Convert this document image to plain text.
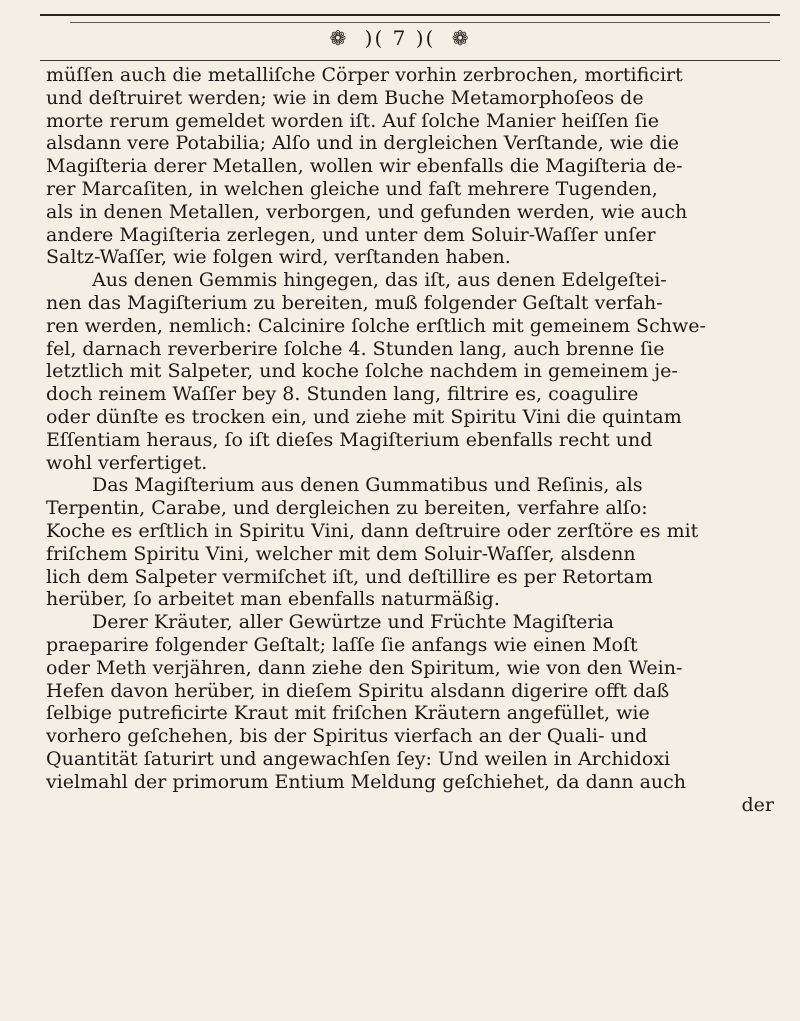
❁ )( 7 )( ❁
müſſen auch die metalliſche Cörper vorhin zerbrochen, mortificirt
und deſtruiret werden; wie in dem Buche Metamorphoſeos de
morte rerum gemeldet worden iſt. Auf ſolche Manier heiſſen ſie
alsdann vere Potabilia; Alſo und in dergleichen Verſtande, wie die
Magiſteria derer Metallen, wollen wir ebenfalls die Magiſteria de-
rer Marcaſiten, in welchen gleiche und faſt mehrere Tugenden,
als in denen Metallen, verborgen, und gefunden werden, wie auch
andere Magiſteria zerlegen, und unter dem Soluir-Waſſer unſer
Saltz-Waſſer, wie folgen wird, verſtanden haben.
Aus denen Gemmis hingegen, das iſt, aus denen Edelgeſtei-
nen das Magiſterium zu bereiten, muß folgender Geſtalt verfah-
ren werden, nemlich: Calcinire ſolche erſtlich mit gemeinem Schwe-
fel, darnach reverberire ſolche 4. Stunden lang, auch brenne ſie
letztlich mit Salpeter, und koche ſolche nachdem in gemeinem je-
doch reinem Waſſer bey 8. Stunden lang, filtrire es, coagulire
oder dünſte es trocken ein, und ziehe mit Spiritu Vini die quintam
Eſſentiam heraus, ſo iſt dieſes Magiſterium ebenfalls recht und
wohl verfertiget.
Das Magiſterium aus denen Gummatibus und Reſinis, als
Terpentin, Carabe, und dergleichen zu bereiten, verfahre alſo:
Koche es erſtlich in Spiritu Vini, dann deſtruire oder zerſtöre es mit
friſchem Spiritu Vini, welcher mit dem Soluir-Waſſer, alsdenn
lich dem Salpeter vermiſchet iſt, und deſtillire es per Retortam
herüber, ſo arbeitet man ebenfalls naturmäßig.
Derer Kräuter, aller Gewürtze und Früchte Magiſteria
praeparire folgender Geſtalt; laſſe ſie anfangs wie einen Moſt
oder Meth verjähren, dann ziehe den Spiritum, wie von den Wein-
Hefen davon herüber, in dieſem Spiritu alsdann digerire offt daß
ſelbige putreficirte Kraut mit friſchen Kräutern angefüllet, wie
vorhero geſchehen, bis der Spiritus vierfach an der Quali- und
Quantität ſaturirt und angewachſen ſey: Und weilen in Archidoxi
vielmahl der primorum Entium Meldung geſchiehet, da dann auch
der
